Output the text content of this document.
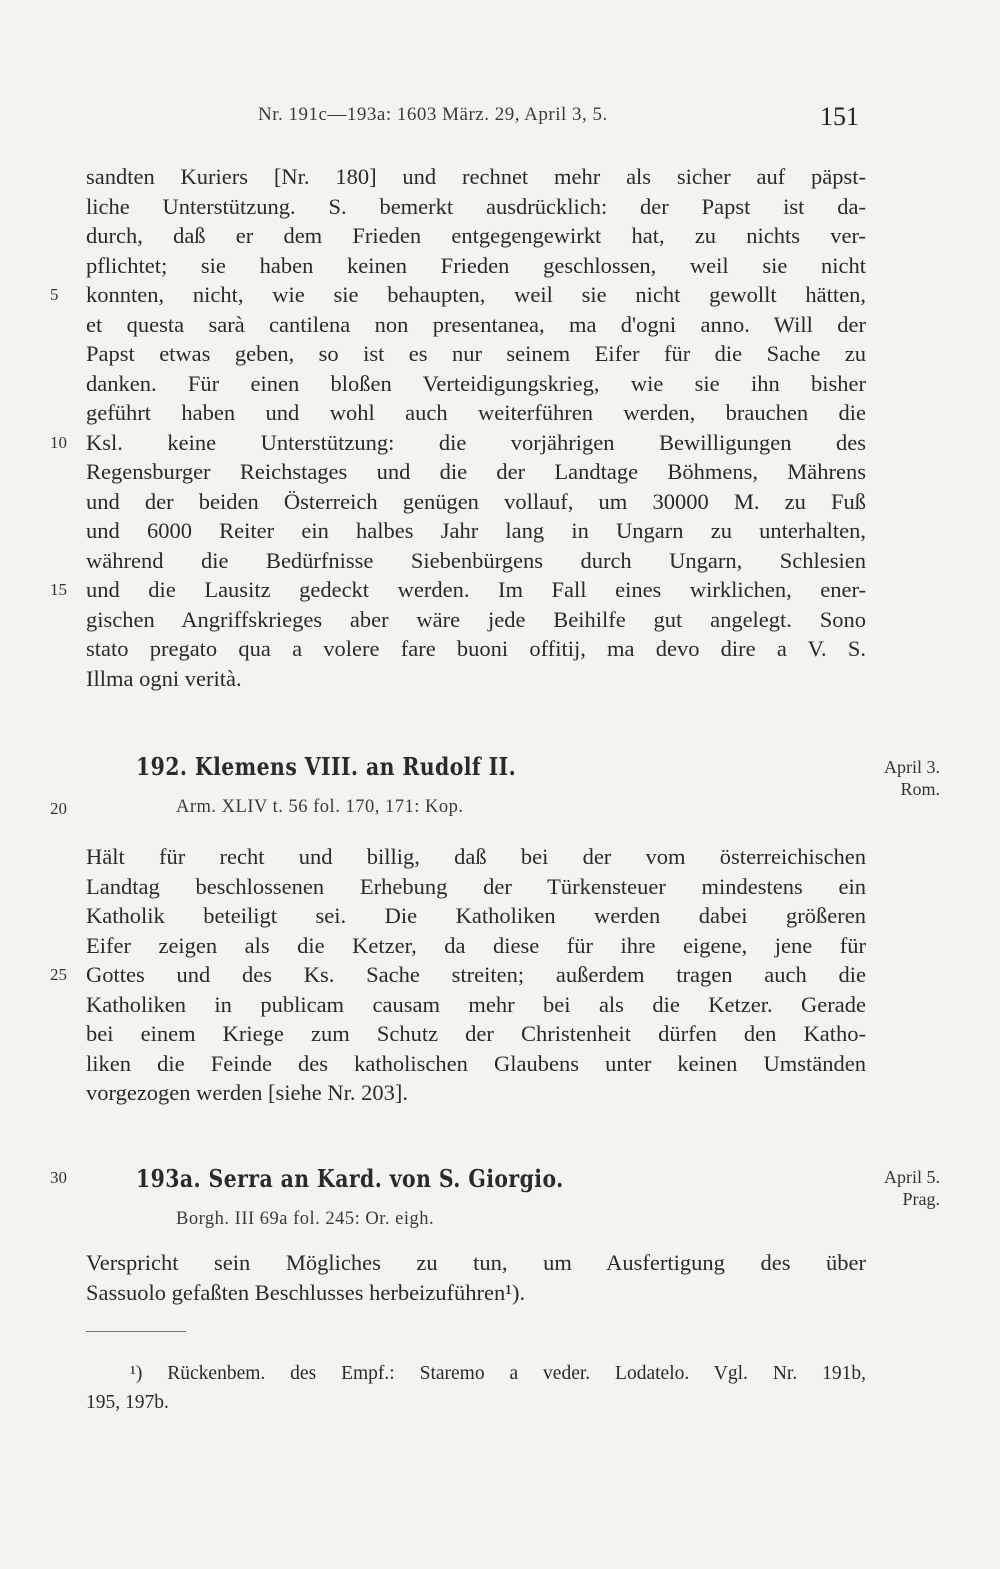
Nr. 191c—193a: 1603 März. 29, April 3, 5.	151
sandten Kuriers [Nr. 180] und rechnet mehr als sicher auf päpst-
liche Unterstützung. S. bemerkt ausdrücklich: der Papst ist da-
durch, daß er dem Frieden entgegengewirkt hat, zu nichts ver-
pflichtet; sie haben keinen Frieden geschlossen, weil sie nicht
5	konnten, nicht, wie sie behaupten, weil sie nicht gewollt hätten,
et questa sarà cantilena non presentanea, ma d'ogni anno. Will der
Papst etwas geben, so ist es nur seinem Eifer für die Sache zu
danken. Für einen bloßen Verteidigungskrieg, wie sie ihn bisher
geführt haben und wohl auch weiterführen werden, brauchen die
10 Ksl. keine Unterstützung: die vorjährigen Bewilligungen des
Regensburger Reichstages und die der Landtage Böhmens, Mährens
und der beiden Österreich genügen vollauf, um 30000 M. zu Fuß
und 6000 Reiter ein halbes Jahr lang in Ungarn zu unterhalten,
während die Bedürfnisse Siebenbürgens durch Ungarn, Schlesien
15 und die Lausitz gedeckt werden. Im Fall eines wirklichen, ener-
gischen Angriffskrieges aber wäre jede Beihilfe gut angelegt. Sono
stato pregato qua a volere fare buoni offitij, ma devo dire a V. S.
Illma ogni verità.
192. Klemens VIII. an Rudolf II.	April 3.
Rom.
20	Arm. XLIV t. 56 fol. 170, 171: Kop.
Hält für recht und billig, daß bei der vom österreichischen
Landtag beschlossenen Erhebung der Türkensteuer mindestens ein
Katholik beteiligt sei. Die Katholiken werden dabei größeren
Eifer zeigen als die Ketzer, da diese für ihre eigene, jene für
25 Gottes und des Ks. Sache streiten; außerdem tragen auch die
Katholiken in publicam causam mehr bei als die Ketzer. Gerade
bei einem Kriege zum Schutz der Christenheit dürfen den Katho-
liken die Feinde des katholischen Glaubens unter keinen Umständen
vorgezogen werden [siehe Nr. 203].
30	193a. Serra an Kard. von S. Giorgio.	April 5.
Prag.
Borgh. III 69a fol. 245: Or. eigh.
Verspricht sein Mögliches zu tun, um Ausfertigung des über
Sassuolo gefaßten Beschlusses herbeizuführen¹).
¹) Rückenbem. des Empf.: Staremo a veder. Lodatelo. Vgl. Nr. 191b,
195, 197b.
